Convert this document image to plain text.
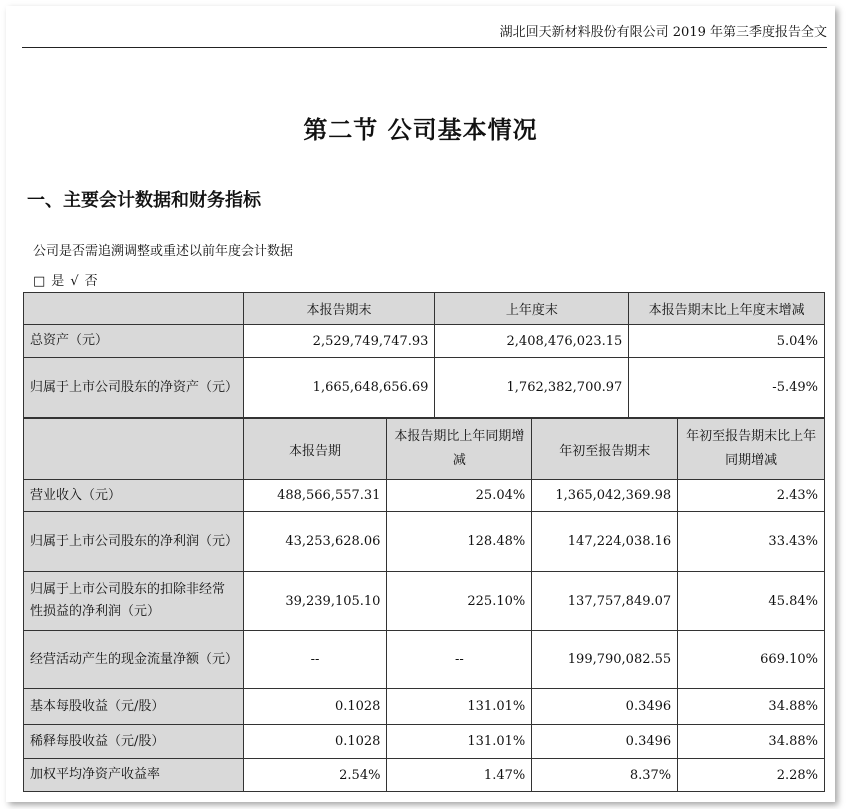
湖北回天新材料股份有限公司 2019 年第三季度报告全文
第二节 公司基本情况
一、主要会计数据和财务指标
公司是否需追溯调整或重述以前年度会计数据
□ 是 √ 否
	本报告期末	上年度末	本报告期末比上年度末增减
总资产（元）	2,529,749,747.93	2,408,476,023.15	5.04%
归属于上市公司股东的净资产（元）	1,665,648,656.69	1,762,382,700.97	-5.49%
	本报告期	本报告期比上年同期增减	年初至报告期末	年初至报告期末比上年同期增减
营业收入（元）	488,566,557.31	25.04%	1,365,042,369.98	2.43%
归属于上市公司股东的净利润（元）	43,253,628.06	128.48%	147,224,038.16	33.43%
归属于上市公司股东的扣除非经常性损益的净利润（元）	39,239,105.10	225.10%	137,757,849.07	45.84%
经营活动产生的现金流量净额（元）	--	--	199,790,082.55	669.10%
基本每股收益（元/股）	0.1028	131.01%	0.3496	34.88%
稀释每股收益（元/股）	0.1028	131.01%	0.3496	34.88%
加权平均净资产收益率	2.54%	1.47%	8.37%	2.28%
